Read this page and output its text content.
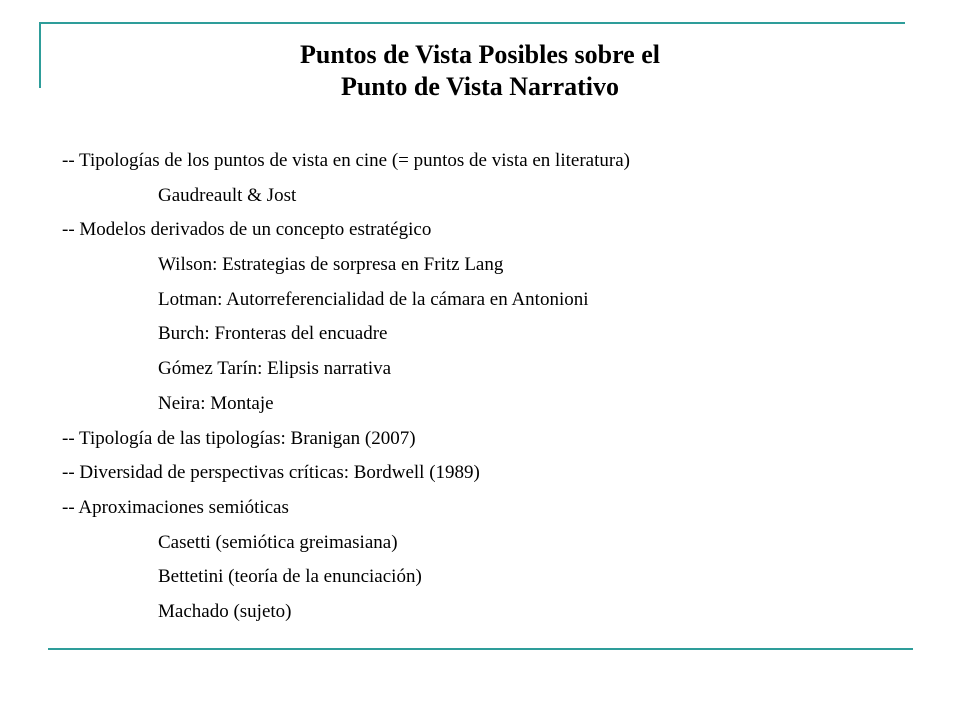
Puntos de Vista Posibles sobre el
Punto de Vista Narrativo
-- Tipologías de los puntos de vista en cine (= puntos de vista en literatura)
Gaudreault & Jost
-- Modelos derivados de un concepto estratégico
Wilson: Estrategias de sorpresa en Fritz Lang
Lotman: Autorreferencialidad de la cámara en Antonioni
Burch: Fronteras del encuadre
Gómez Tarín: Elipsis narrativa
Neira: Montaje
-- Tipología de las tipologías: Branigan (2007)
-- Diversidad de perspectivas críticas: Bordwell (1989)
-- Aproximaciones semióticas
Casetti (semiótica greimasiana)
Bettetini (teoría de la enunciación)
Machado (sujeto)
